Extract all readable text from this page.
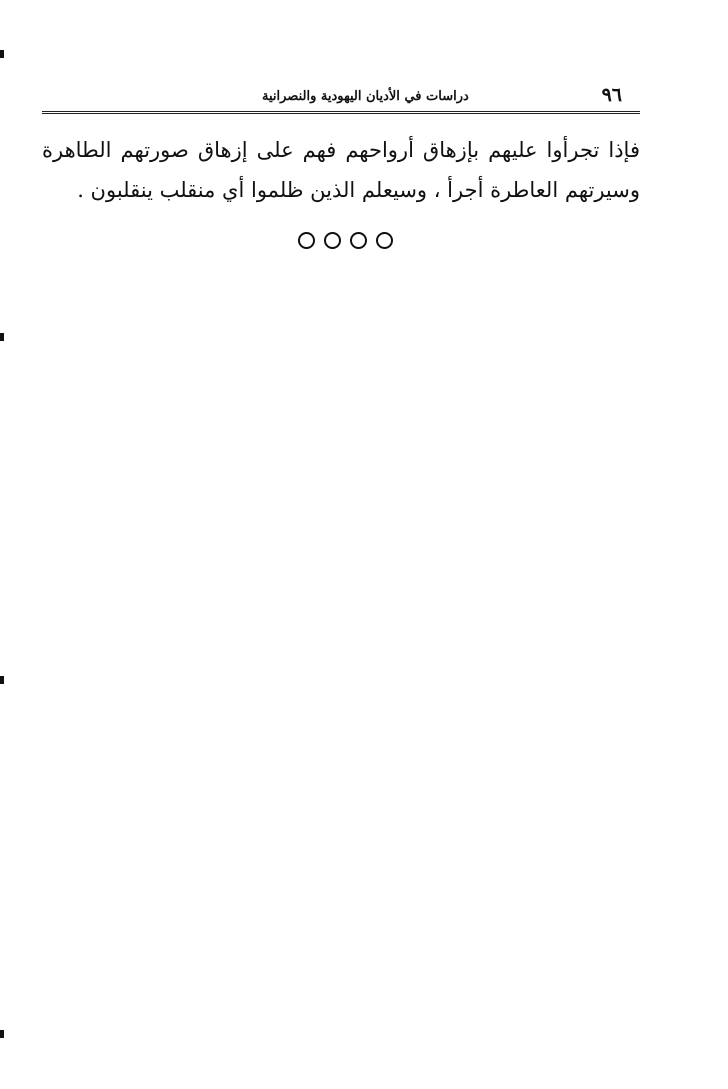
٩٦
دراسات في الأديان اليهودية والنصرانية

فإذا تجرأوا عليهم بإزهاق أرواحهم فهم على إزهاق صورتهم الطاهرة وسيرتهم العاطرة أجرأ ، وسيعلم الذين ظلموا أي منقلب ينقلبون .
